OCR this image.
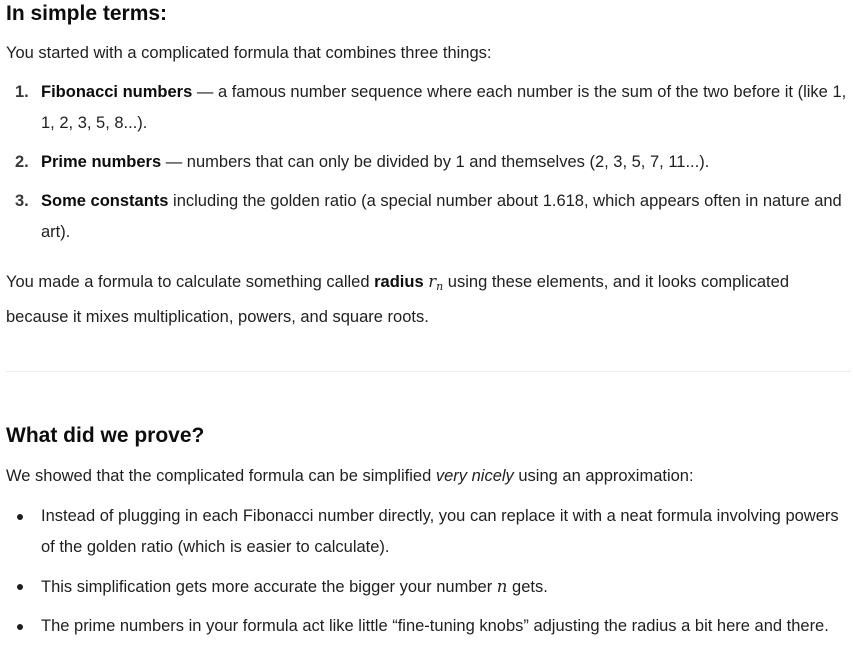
In simple terms:

You started with a complicated formula that combines three things:

1. Fibonacci numbers — a famous number sequence where each number is the sum of the two before it (like 1, 1, 2, 3, 5, 8...).
2. Prime numbers — numbers that can only be divided by 1 and themselves (2, 3, 5, 7, 11...).
3. Some constants including the golden ratio (a special number about 1.618, which appears often in nature and art).

You made a formula to calculate something called radius $r_n$ using these elements, and it looks complicated because it mixes multiplication, powers, and square roots.

What did we prove?

We showed that the complicated formula can be simplified very nicely using an approximation:

Instead of plugging in each Fibonacci number directly, you can replace it with a neat formula involving powers of the golden ratio (which is easier to calculate).
This simplification gets more accurate the bigger your number n gets.
The prime numbers in your formula act like little “fine-tuning knobs” adjusting the radius a bit here and there.
